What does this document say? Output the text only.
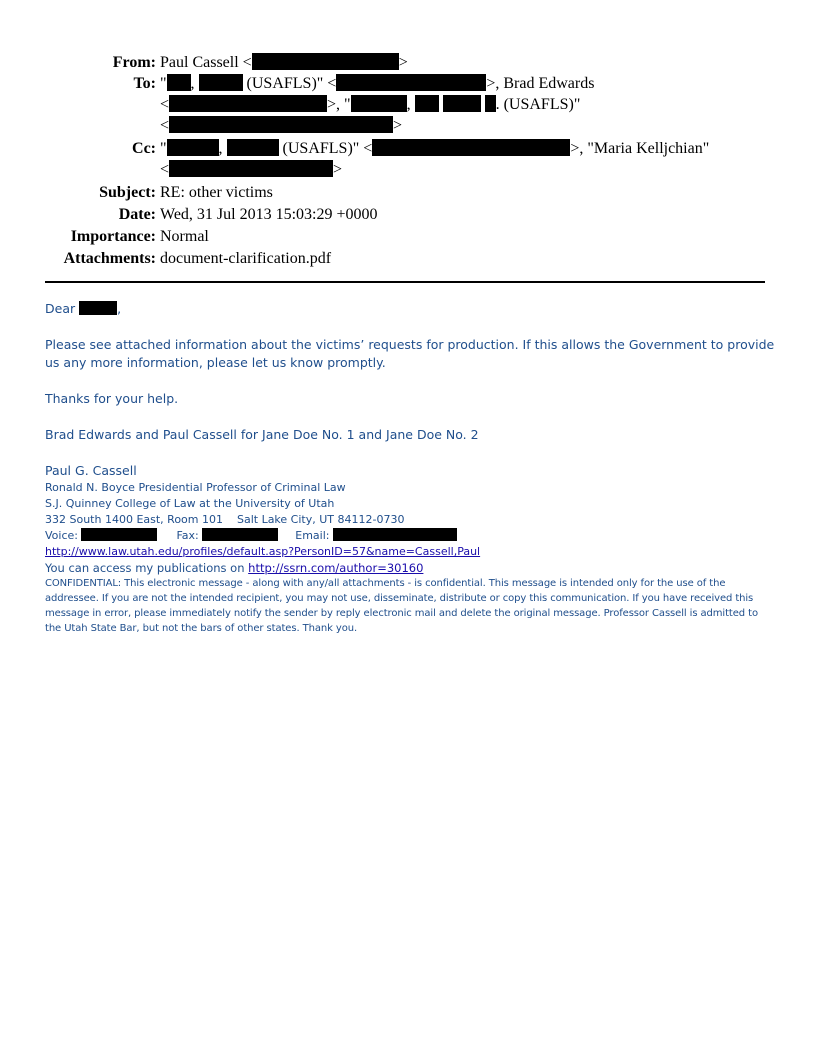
From: Paul Cassell <	>
To: " ,	(USAFLS)" <	>, Brad Edwards
<	>, "	,	. (USAFLS)"
<	>
Cc: "	,	(USAFLS)" <	>, "Maria Kelljchian"
<	>
Subject: RE: other victims
Date: Wed, 31 Jul 2013 15:03:29 +0000
Importance: Normal
Attachments: document-clarification.pdf

Dear	,

Please see attached information about the victims’ requests for production. If this allows the Government to provide us any more information, please let us know promptly.

Thanks for your help.

Brad Edwards and Paul Cassell for Jane Doe No. 1 and Jane Doe No. 2

Paul G. Cassell
Ronald N. Boyce Presidential Professor of Criminal Law
S.J. Quinney College of Law at the University of Utah
332 South 1400 East, Room 101    Salt Lake City, UT 84112-0730
Voice:	Fax:	Email:
http://www.law.utah.edu/profiles/default.asp?PersonID=57&name=Cassell,Paul
You can access my publications on http://ssrn.com/author=30160
CONFIDENTIAL: This electronic message - along with any/all attachments - is confidential. This message is intended only for the use of the addressee. If you are not the intended recipient, you may not use, disseminate, distribute or copy this communication. If you have received this message in error, please immediately notify the sender by reply electronic mail and delete the original message. Professor Cassell is admitted to the Utah State Bar, but not the bars of other states. Thank you.
